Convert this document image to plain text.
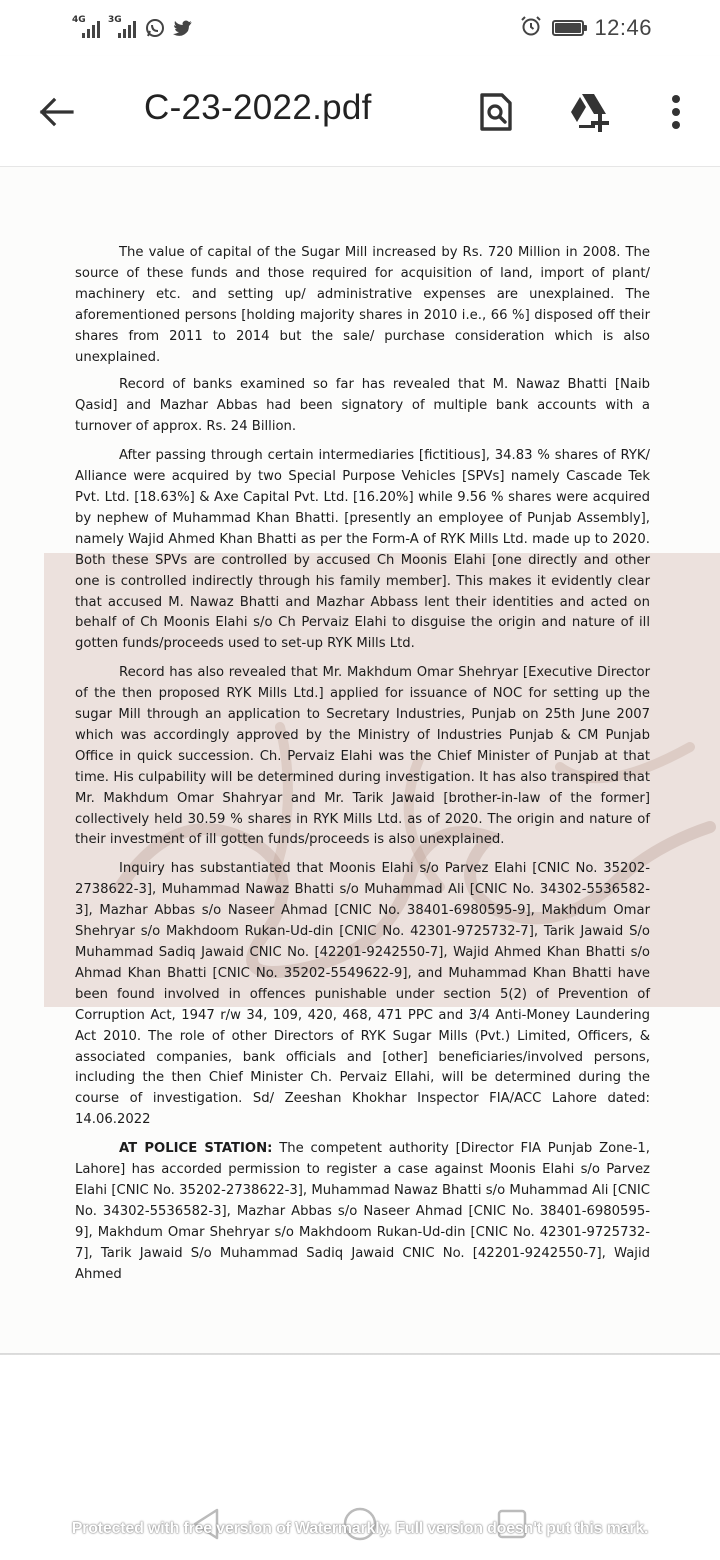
4G 3G	12:46
C-23-2022.pdf

The value of capital of the Sugar Mill increased by Rs. 720 Million in 2008. The source of these funds and those required for acquisition of land, import of plant/ machinery etc. and setting up/ administrative expenses are unexplained. The aforementioned persons [holding majority shares in 2010 i.e., 66 %] disposed off their shares from 2011 to 2014 but the sale/ purchase consideration which is also unexplained.

Record of banks examined so far has revealed that M. Nawaz Bhatti [Naib Qasid] and Mazhar Abbas had been signatory of multiple bank accounts with a turnover of approx. Rs. 24 Billion.

After passing through certain intermediaries [fictitious], 34.83 % shares of RYK/ Alliance were acquired by two Special Purpose Vehicles [SPVs] namely Cascade Tek Pvt. Ltd. [18.63%] & Axe Capital Pvt. Ltd. [16.20%] while 9.56 % shares were acquired by nephew of Muhammad Khan Bhatti. [presently an employee of Punjab Assembly], namely Wajid Ahmed Khan Bhatti as per the Form-A of RYK Mills Ltd. made up to 2020. Both these SPVs are controlled by accused Ch Moonis Elahi [one directly and other one is controlled indirectly through his family member]. This makes it evidently clear that accused M. Nawaz Bhatti and Mazhar Abbass lent their identities and acted on behalf of Ch Moonis Elahi s/o Ch Pervaiz Elahi to disguise the origin and nature of ill gotten funds/proceeds used to set-up RYK Mills Ltd.

Record has also revealed that Mr. Makhdum Omar Shehryar [Executive Director of the then proposed RYK Mills Ltd.] applied for issuance of NOC for setting up the sugar Mill through an application to Secretary Industries, Punjab on 25th June 2007 which was accordingly approved by the Ministry of Industries Punjab & CM Punjab Office in quick succession. Ch. Pervaiz Elahi was the Chief Minister of Punjab at that time. His culpability will be determined during investigation. It has also transpired that Mr. Makhdum Omar Shahryar and Mr. Tarik Jawaid [brother-in-law of the former] collectively held 30.59 % shares in RYK Mills Ltd. as of 2020. The origin and nature of their investment of ill gotten funds/proceeds is also unexplained.

Inquiry has substantiated that Moonis Elahi s/o Parvez Elahi [CNIC No. 35202-2738622-3], Muhammad Nawaz Bhatti s/o Muhammad Ali [CNIC No. 34302-5536582-3], Mazhar Abbas s/o Naseer Ahmad [CNIC No. 38401-6980595-9], Makhdum Omar Shehryar s/o Makhdoom Rukan-Ud-din [CNIC No. 42301-9725732-7], Tarik Jawaid S/o Muhammad Sadiq Jawaid CNIC No. [42201-9242550-7], Wajid Ahmed Khan Bhatti s/o Ahmad Khan Bhatti [CNIC No. 35202-5549622-9], and Muhammad Khan Bhatti have been found involved in offences punishable under section 5(2) of Prevention of Corruption Act, 1947 r/w 34, 109, 420, 468, 471 PPC and 3/4 Anti-Money Laundering Act 2010. The role of other Directors of RYK Sugar Mills (Pvt.) Limited, Officers, & associated companies, bank officials and [other] beneficiaries/involved persons, including the then Chief Minister Ch. Pervaiz Ellahi, will be determined during the course of investigation. Sd/ Zeeshan Khokhar Inspector FIA/ACC Lahore dated: 14.06.2022

AT POLICE STATION: The competent authority [Director FIA Punjab Zone-1, Lahore] has accorded permission to register a case against Moonis Elahi s/o Parvez Elahi [CNIC No. 35202-2738622-3], Muhammad Nawaz Bhatti s/o Muhammad Ali [CNIC No. 34302-5536582-3], Mazhar Abbas s/o Naseer Ahmad [CNIC No. 38401-6980595-9], Makhdum Omar Shehryar s/o Makhdoom Rukan-Ud-din [CNIC No. 42301-9725732-7], Tarik Jawaid S/o Muhammad Sadiq Jawaid CNIC No. [42201-9242550-7], Wajid Ahmed

Protected with free version of Watermarkly. Full version doesn't put this mark.
